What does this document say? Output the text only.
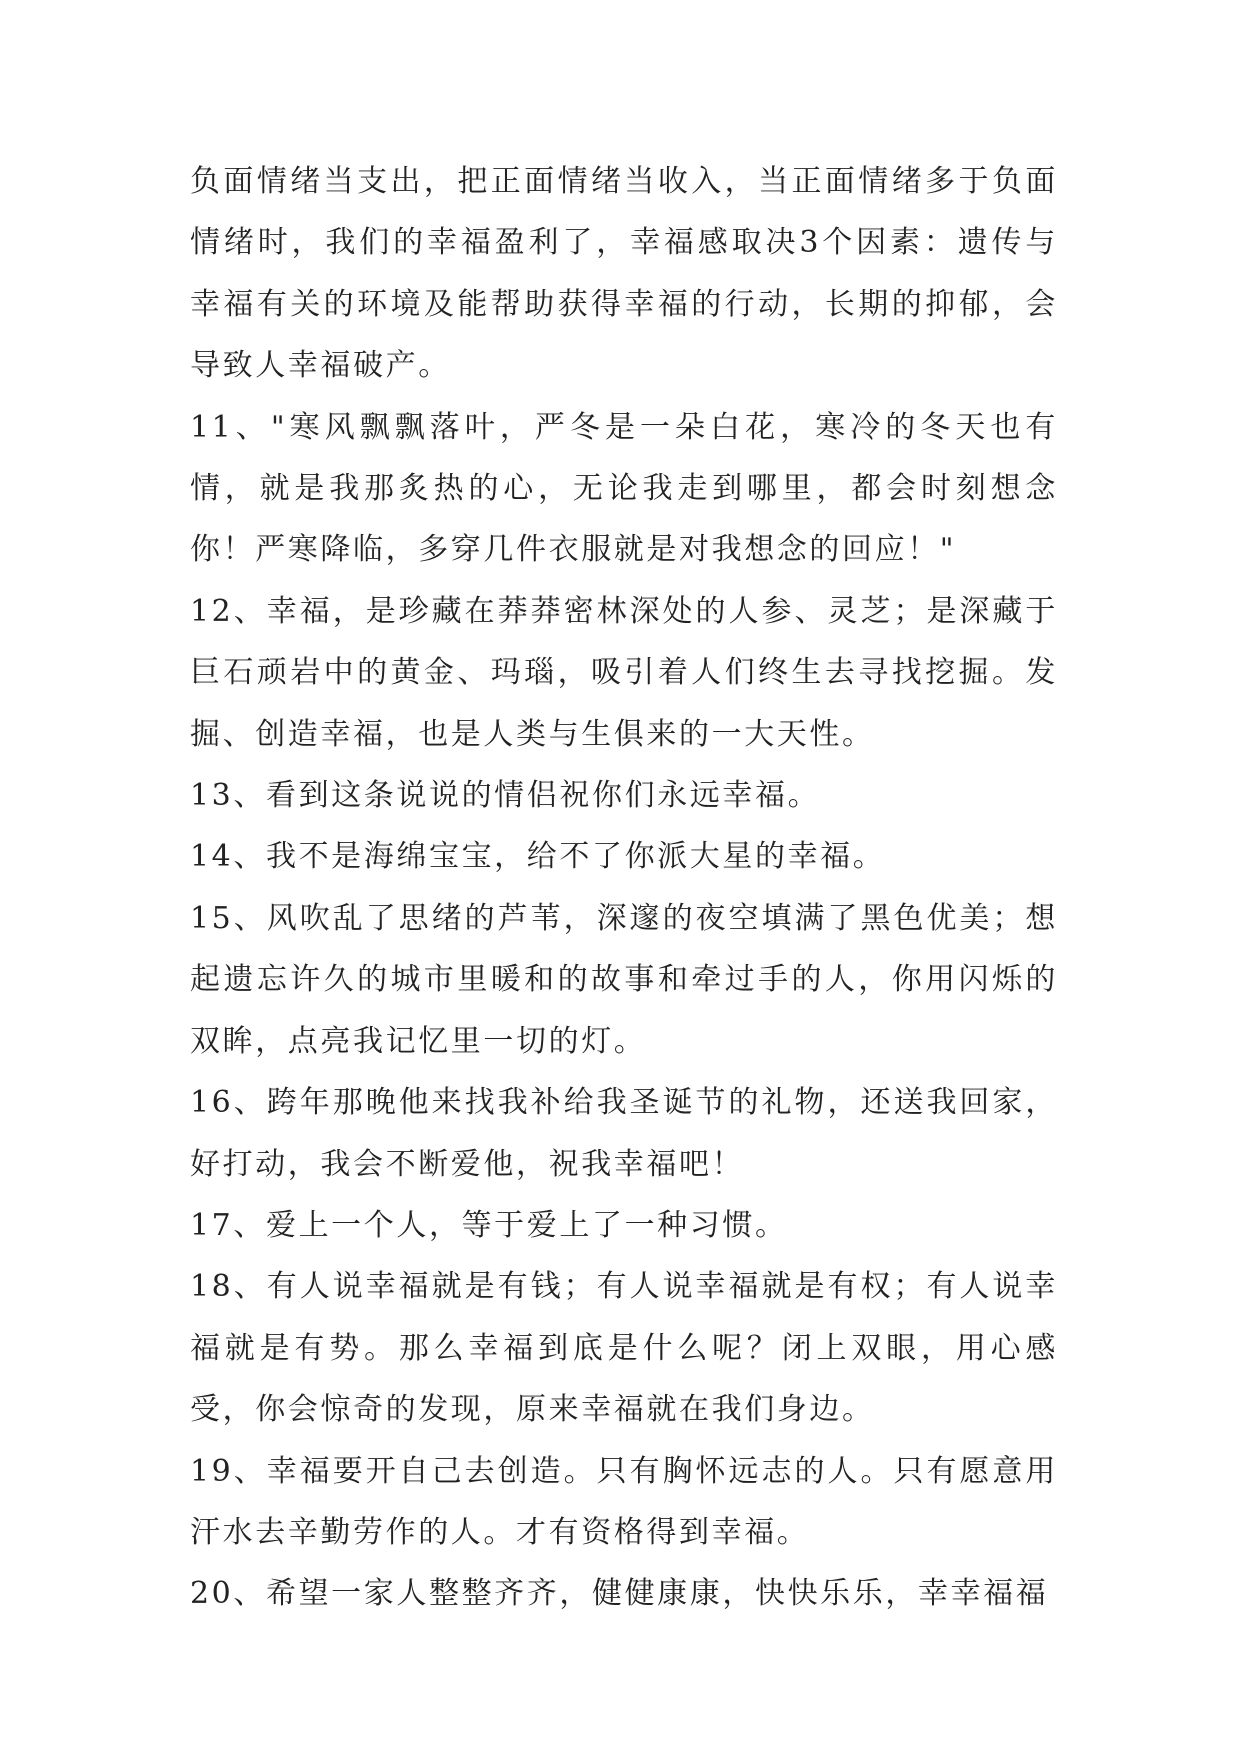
负面情绪当支出，把正面情绪当收入，当正面情绪多于负面情绪时，我们的幸福盈利了，幸福感取决3个因素：遗传与幸福有关的环境及能帮助获得幸福的行动，长期的抑郁，会导致人幸福破产。

11、"寒风飘飘落叶，严冬是一朵白花，寒冷的冬天也有情，就是我那炙热的心，无论我走到哪里，都会时刻想念你！严寒降临，多穿几件衣服就是对我想念的回应！"

12、幸福，是珍藏在莽莽密林深处的人参、灵芝；是深藏于巨石顽岩中的黄金、玛瑙，吸引着人们终生去寻找挖掘。发掘、创造幸福，也是人类与生俱来的一大天性。

13、看到这条说说的情侣祝你们永远幸福。

14、我不是海绵宝宝，给不了你派大星的幸福。

15、风吹乱了思绪的芦苇，深邃的夜空填满了黑色优美；想起遗忘许久的城市里暖和的故事和牵过手的人，你用闪烁的双眸，点亮我记忆里一切的灯。

16、跨年那晚他来找我补给我圣诞节的礼物，还送我回家，好打动，我会不断爱他，祝我幸福吧！

17、爱上一个人，等于爱上了一种习惯。

18、有人说幸福就是有钱；有人说幸福就是有权；有人说幸福就是有势。那么幸福到底是什么呢？闭上双眼，用心感受，你会惊奇的发现，原来幸福就在我们身边。

19、幸福要开自己去创造。只有胸怀远志的人。只有愿意用汗水去辛勤劳作的人。才有资格得到幸福。

20、希望一家人整整齐齐，健健康康，快快乐乐，幸幸福福
